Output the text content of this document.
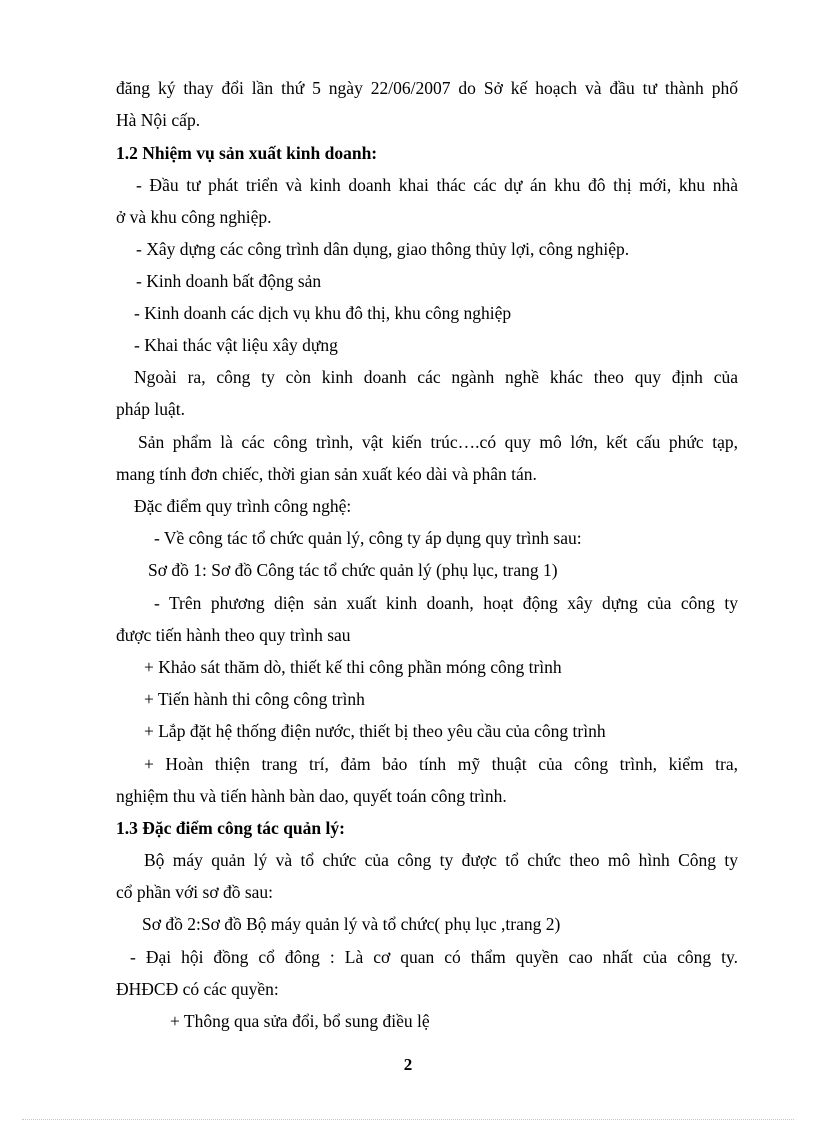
đăng ký thay đổi lần thứ 5 ngày 22/06/2007 do Sở kế hoạch và đầu tư thành phố
Hà Nội cấp.
1.2 Nhiệm vụ sản xuất kinh doanh:
- Đầu tư phát triển và kinh doanh khai thác các dự án khu đô thị mới, khu nhà
ở và khu công nghiệp.
- Xây dựng các công trình dân dụng, giao thông thủy lợi, công nghiệp.
- Kinh doanh bất động sản
- Kinh doanh các dịch vụ khu đô thị, khu công nghiệp
- Khai thác vật liệu xây dựng
Ngoài ra, công ty còn kinh doanh các ngành nghề khác theo quy định của
pháp luật.
Sản phẩm là các công trình, vật kiến trúc….có quy mô lớn, kết cấu phức tạp,
mang tính đơn chiếc, thời gian sản xuất kéo dài và phân tán.
Đặc điểm quy trình công nghệ:
- Về công tác tổ chức quản lý, công ty áp dụng quy trình sau:
Sơ đồ 1: Sơ đồ Công tác tổ chức quản lý (phụ lục, trang 1)
- Trên phương diện sản xuất kinh doanh, hoạt động xây dựng của công ty
được tiến hành theo quy trình sau
+ Khảo sát thăm dò, thiết kế thi công phần móng công trình
+ Tiến hành thi công công trình
+ Lắp đặt hệ thống điện nước, thiết bị theo yêu cầu của công trình
+ Hoàn thiện trang trí, đảm bảo tính mỹ thuật của công trình, kiểm tra,
nghiệm thu và tiến hành bàn dao, quyết toán công trình.
1.3 Đặc điểm công tác quản lý:
Bộ máy quản lý và tổ chức của công ty được tổ chức theo mô hình Công ty
cổ phần với sơ đồ sau:
Sơ đồ 2:Sơ đồ Bộ máy quản lý và tổ chức( phụ lục ,trang 2)
- Đại hội đồng cổ đông : Là cơ quan có thẩm quyền cao nhất của công ty.
ĐHĐCĐ có các quyền:
+ Thông qua sửa đổi, bổ sung điều lệ
2
